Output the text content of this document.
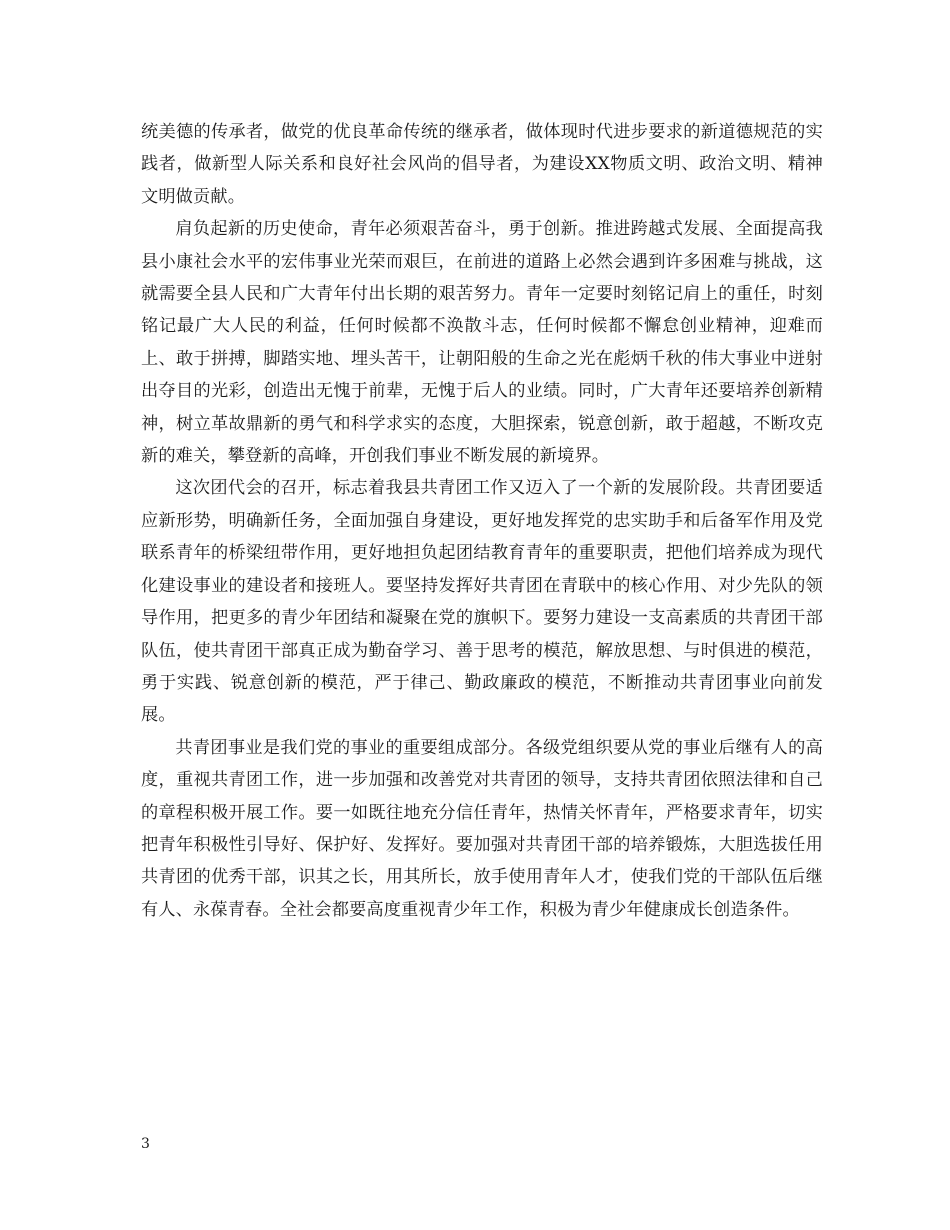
统美德的传承者，做党的优良革命传统的继承者，做体现时代进步要求的新道德规范的实践者，做新型人际关系和良好社会风尚的倡导者，为建设XX物质文明、政治文明、精神文明做贡献。

肩负起新的历史使命，青年必须艰苦奋斗，勇于创新。推进跨越式发展、全面提高我县小康社会水平的宏伟事业光荣而艰巨，在前进的道路上必然会遇到许多困难与挑战，这就需要全县人民和广大青年付出长期的艰苦努力。青年一定要时刻铭记肩上的重任，时刻铭记最广大人民的利益，任何时候都不涣散斗志，任何时候都不懈怠创业精神，迎难而上、敢于拼搏，脚踏实地、埋头苦干，让朝阳般的生命之光在彪炳千秋的伟大事业中迸射出夺目的光彩，创造出无愧于前辈，无愧于后人的业绩。同时，广大青年还要培养创新精神，树立革故鼎新的勇气和科学求实的态度，大胆探索，锐意创新，敢于超越，不断攻克新的难关，攀登新的高峰，开创我们事业不断发展的新境界。

这次团代会的召开，标志着我县共青团工作又迈入了一个新的发展阶段。共青团要适应新形势，明确新任务，全面加强自身建设，更好地发挥党的忠实助手和后备军作用及党联系青年的桥梁纽带作用，更好地担负起团结教育青年的重要职责，把他们培养成为现代化建设事业的建设者和接班人。要坚持发挥好共青团在青联中的核心作用、对少先队的领导作用，把更多的青少年团结和凝聚在党的旗帜下。要努力建设一支高素质的共青团干部队伍，使共青团干部真正成为勤奋学习、善于思考的模范，解放思想、与时俱进的模范，勇于实践、锐意创新的模范，严于律己、勤政廉政的模范，不断推动共青团事业向前发展。

共青团事业是我们党的事业的重要组成部分。各级党组织要从党的事业后继有人的高度，重视共青团工作，进一步加强和改善党对共青团的领导，支持共青团依照法律和自己的章程积极开展工作。要一如既往地充分信任青年，热情关怀青年，严格要求青年，切实把青年积极性引导好、保护好、发挥好。要加强对共青团干部的培养锻炼，大胆选拔任用共青团的优秀干部，识其之长，用其所长，放手使用青年人才，使我们党的干部队伍后继有人、永葆青春。全社会都要高度重视青少年工作，积极为青少年健康成长创造条件。

3
